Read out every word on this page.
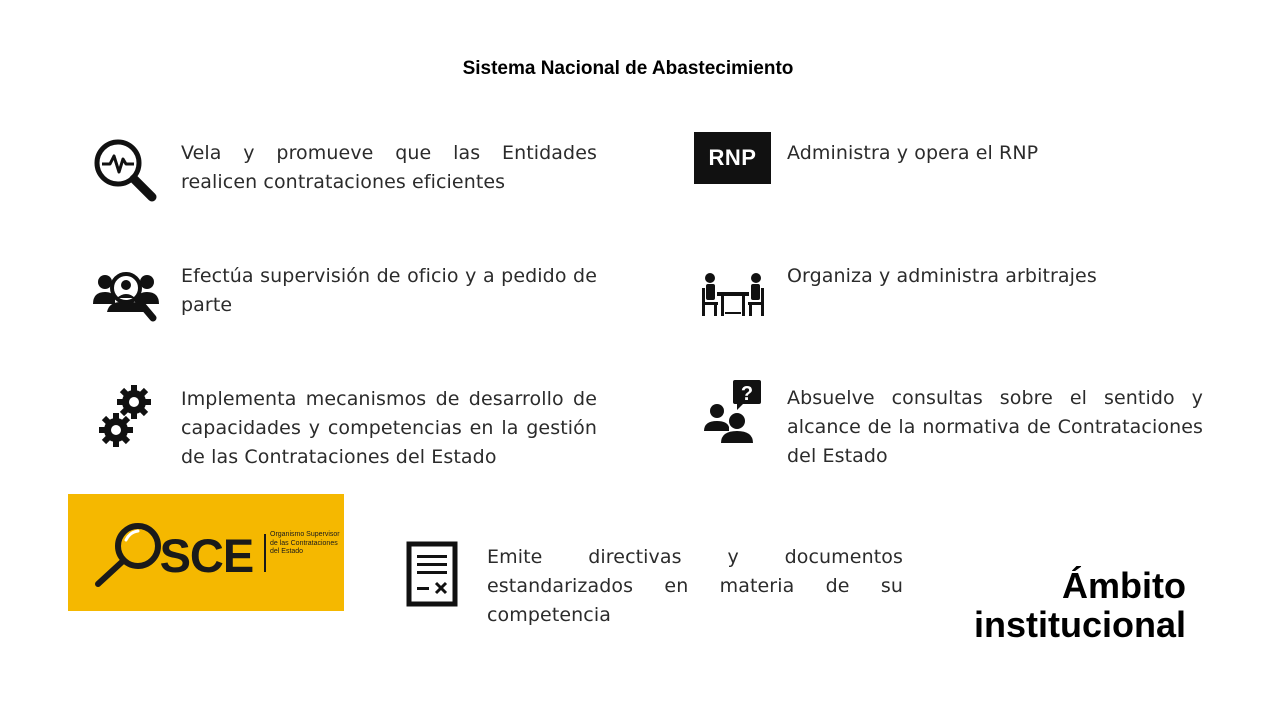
Sistema Nacional de Abastecimiento
Vela y promueve que las Entidades realicen contrataciones eficientes
Efectúa supervisión de oficio y a pedido de parte
Implementa mecanismos de desarrollo de capacidades y competencias en la gestión de las Contrataciones del Estado
RNP	Administra y opera el RNP
Organiza y administra arbitrajes
? Absuelve consultas sobre el sentido y alcance de la normativa de Contrataciones del Estado
SCE Organismo Supervisor de las Contrataciones del Estado	Emite directivas y documentos estandarizados en materia de su competencia
Ámbito institucional
